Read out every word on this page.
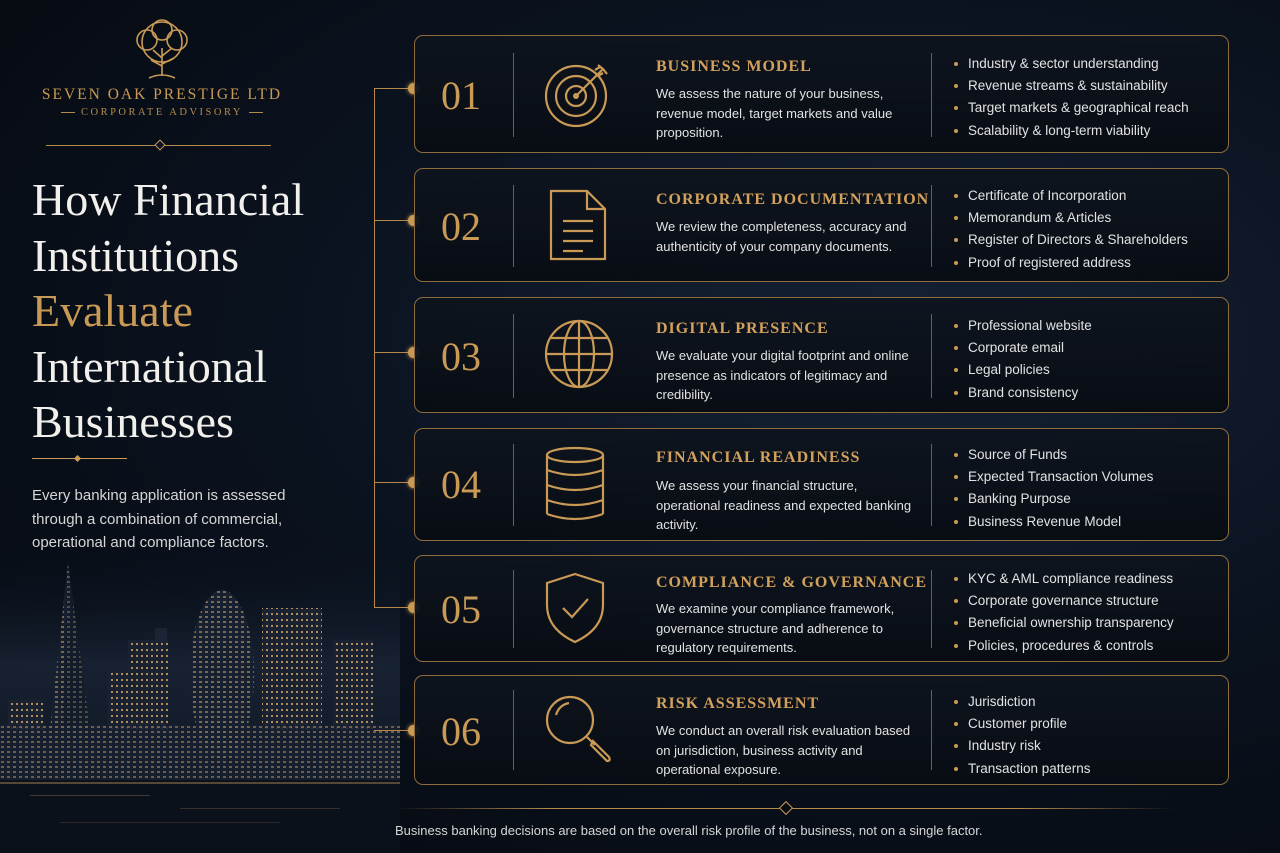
SEVEN OAK PRESTIGE LTD
CORPORATE ADVISORY
How Financial
Institutions
Evaluate
International
Businesses

Every banking application is assessed through a combination of commercial, operational and compliance factors.

01
BUSINESS MODEL

We assess the nature of your business, revenue model, target markets and value proposition.

Industry & sector understanding
Revenue streams & sustainability
Target markets & geographical reach
Scalability & long-term viability
02
CORPORATE DOCUMENTATION

We review the completeness, accuracy and authenticity of your company documents.

Certificate of Incorporation
Memorandum & Articles
Register of Directors & Shareholders
Proof of registered address
03
DIGITAL PRESENCE

We evaluate your digital footprint and online presence as indicators of legitimacy and credibility.

Professional website
Corporate email
Legal policies
Brand consistency
04
FINANCIAL READINESS

We assess your financial structure, operational readiness and expected banking activity.

Source of Funds
Expected Transaction Volumes
Banking Purpose
Business Revenue Model
05
COMPLIANCE & GOVERNANCE

We examine your compliance framework, governance structure and adherence to regulatory requirements.

KYC & AML compliance readiness
Corporate governance structure
Beneficial ownership transparency
Policies, procedures & controls
06
RISK ASSESSMENT

We conduct an overall risk evaluation based on jurisdiction, business activity and operational exposure.

Jurisdiction
Customer profile
Industry risk
Transaction patterns

Business banking decisions are based on the overall risk profile of the business, not on a single factor.
